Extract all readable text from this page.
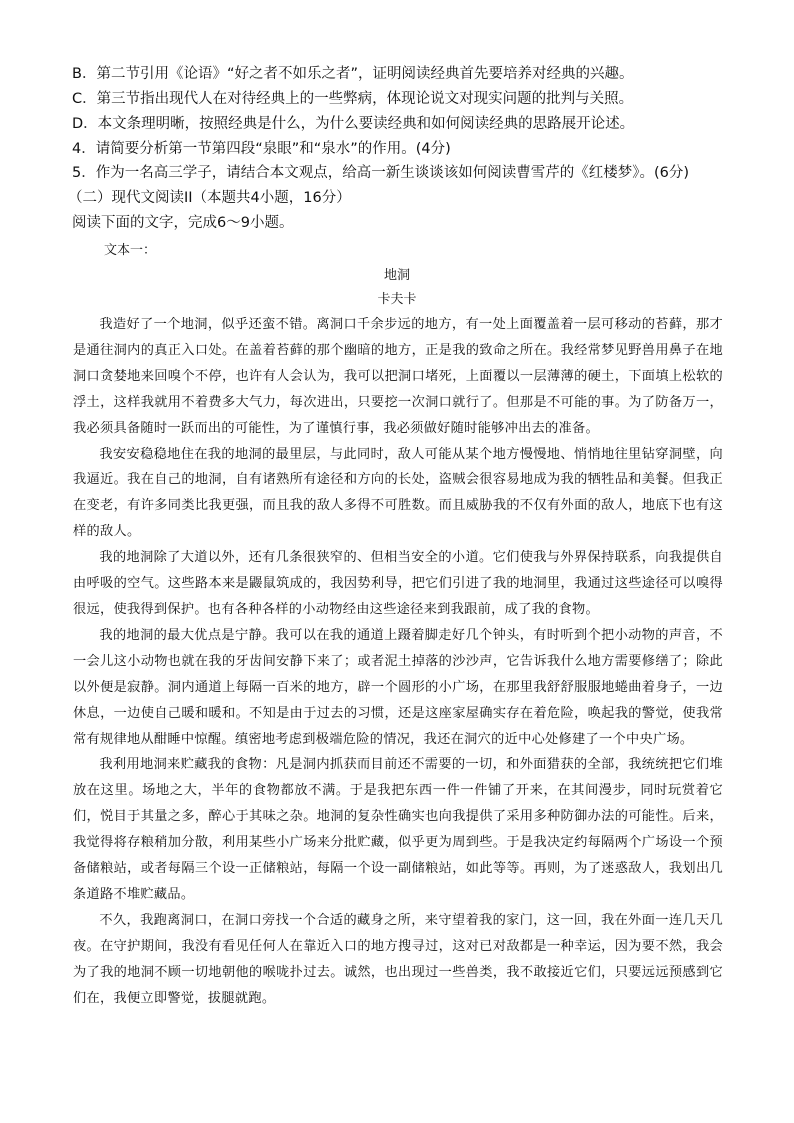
B．第二节引用《论语》“好之者不如乐之者”，证明阅读经典首先要培养对经典的兴趣。
C．第三节指出现代人在对待经典上的一些弊病，体现论说文对现实问题的批判与关照。
D．本文条理明晰，按照经典是什么，为什么要读经典和如何阅读经典的思路展开论述。
4．请简要分析第一节第四段“泉眼”和“泉水”的作用。(4分)
5．作为一名高三学子，请结合本文观点，给高一新生谈谈该如何阅读曹雪芹的《红楼梦》。(6分)
（二）现代文阅读II（本题共4小题，16分）
阅读下面的文字，完成6～9小题。
文本一：
地洞
卡夫卡

我造好了一个地洞，似乎还蛮不错。离洞口千余步远的地方，有一处上面覆盖着一层可移动的苔藓，那才是通往洞内的真正入口处。在盖着苔藓的那个幽暗的地方，正是我的致命之所在。我经常梦见野兽用鼻子在地洞口贪婪地来回嗅个不停，也许有人会认为，我可以把洞口堵死，上面覆以一层薄薄的硬土，下面填上松软的浮土，这样我就用不着费多大气力，每次进出，只要挖一次洞口就行了。但那是不可能的事。为了防备万一，我必须具备随时一跃而出的可能性，为了谨慎行事，我必须做好随时能够冲出去的准备。

我安安稳稳地住在我的地洞的最里层，与此同时，敌人可能从某个地方慢慢地、悄悄地往里钻穿洞壁，向我逼近。我在自己的地洞，自有诸熟所有途径和方向的长处，盗贼会很容易地成为我的牺牲品和美餐。但我正在变老，有许多同类比我更强，而且我的敌人多得不可胜数。而且威胁我的不仅有外面的敌人，地底下也有这样的敌人。

我的地洞除了大道以外，还有几条很狭窄的、但相当安全的小道。它们使我与外界保持联系，向我提供自由呼吸的空气。这些路本来是鼹鼠筑成的，我因势利导，把它们引进了我的地洞里，我通过这些途径可以嗅得很远，使我得到保护。也有各种各样的小动物经由这些途径来到我跟前，成了我的食物。

我的地洞的最大优点是宁静。我可以在我的通道上蹑着脚走好几个钟头，有时听到个把小动物的声音，不一会儿这小动物也就在我的牙齿间安静下来了；或者泥土掉落的沙沙声，它告诉我什么地方需要修缮了；除此以外便是寂静。洞内通道上每隔一百米的地方，辟一个圆形的小广场，在那里我舒舒服服地蜷曲着身子，一边休息，一边使自己暖和暖和。不知是由于过去的习惯，还是这座家屋确实存在着危险，唤起我的警觉，使我常常有规律地从酣睡中惊醒。缜密地考虑到极端危险的情况，我还在洞穴的近中心处修建了一个中央广场。

我利用地洞来贮藏我的食物：凡是洞内抓获而目前还不需要的一切，和外面猎获的全部，我统统把它们堆放在这里。场地之大，半年的食物都放不满。于是我把东西一件一件铺了开来，在其间漫步，同时玩赏着它们，悦目于其量之多，醉心于其味之杂。地洞的复杂性确实也向我提供了采用多种防御办法的可能性。后来，我觉得将存粮稍加分散，利用某些小广场来分批贮藏，似乎更为周到些。于是我决定约每隔两个广场设一个预备储粮站，或者每隔三个设一正储粮站，每隔一个设一副储粮站，如此等等。再则，为了迷惑敌人，我划出几条道路不堆贮藏品。

不久，我跑离洞口，在洞口旁找一个合适的藏身之所，来守望着我的家门，这一回，我在外面一连几天几夜。在守护期间，我没有看见任何人在靠近入口的地方搜寻过，这对已对敌都是一种幸运，因为要不然，我会为了我的地洞不顾一切地朝他的喉咙扑过去。诚然，也出现过一些兽类，我不敢接近它们，只要远远预感到它们在，我便立即警觉，拔腿就跑。
